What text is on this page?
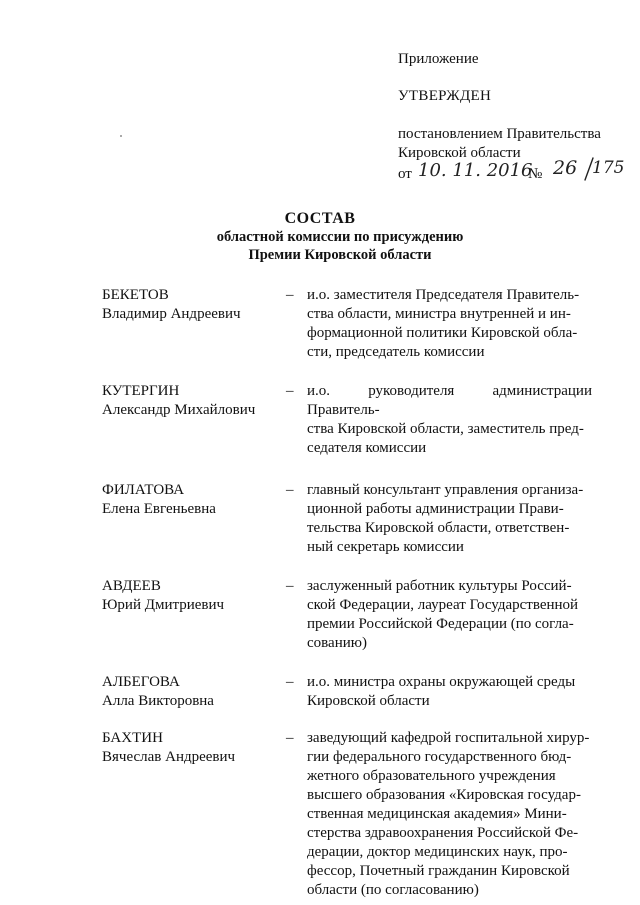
Приложение
УТВЕРЖДЕН
постановлением Правительства
Кировской области
от 10. 11. 2016
№ 26 175
СОСТАВ
областной комиссии по присуждению
Премии Кировской области
БЕКЕТОВ
Владимир Андреевич
– и.о. заместителя Председателя Правитель-
ства области, министра внутренней и ин-
формационной политики Кировской обла-
сти, председатель комиссии
КУТЕРГИН
Александр Михайлович
– и.о. руководителя администрации Правитель-
ства Кировской области, заместитель пред-
седателя комиссии
ФИЛАТОВА
Елена Евгеньевна
– главный консультант управления организа-
ционной работы администрации Прави-
тельства Кировской области, ответствен-
ный секретарь комиссии
АВДЕЕВ
Юрий Дмитриевич
– заслуженный работник культуры Россий-
ской Федерации, лауреат Государственной
премии Российской Федерации (по согла-
сованию)
АЛБЕГОВА
Алла Викторовна
– и.о. министра охраны окружающей среды
Кировской области
БАХТИН
Вячеслав Андреевич
– заведующий кафедрой госпитальной хирур-
гии федерального государственного бюд-
жетного образовательного учреждения
высшего образования «Кировская государ-
ственная медицинская академия» Мини-
стерства здравоохранения Российской Фе-
дерации, доктор медицинских наук, про-
фессор, Почетный гражданин Кировской
области (по согласованию)
